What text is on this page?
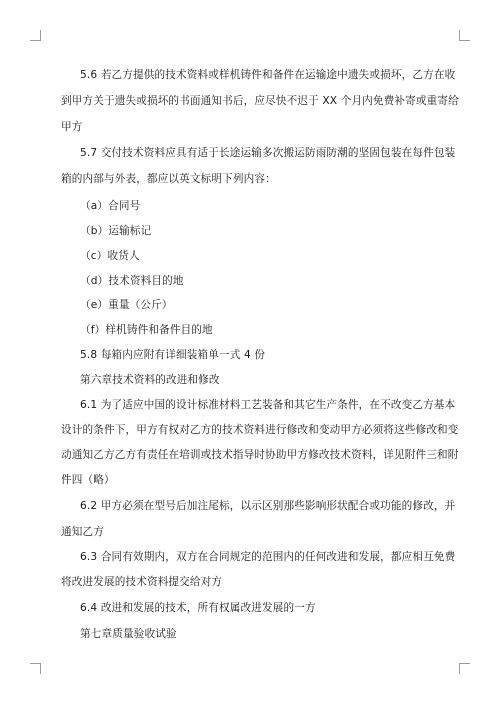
5.6 若乙方提供的技术资料或样机铸件和备件在运输途中遗失或损坏，乙方在收
到甲方关于遗失或损坏的书面通知书后，应尽快不迟于 XX 个月内免费补寄或重寄给
甲方
5.7 交付技术资料应具有适于长途运输多次搬运防雨防潮的坚固包装在每件包装
箱的内部与外表，都应以英文标明下列内容：
（a）合同号
（b）运输标记
（c）收货人
（d）技术资料目的地
（e）重量（公斤）
（f）样机铸件和备件目的地
5.8 每箱内应附有详细装箱单一式 4 份
第六章技术资料的改进和修改
6.1 为了适应中国的设计标准材料工艺装备和其它生产条件，在不改变乙方基本
设计的条件下，甲方有权对乙方的技术资料进行修改和变动甲方必须将这些修改和变
动通知乙方乙方有责任在培训或技术指导时协助甲方修改技术资料，详见附件三和附
件四（略）
6.2 甲方必须在型号后加注尾标，以示区别那些影响形状配合或功能的修改，并
通知乙方
6.3 合同有效期内，双方在合同规定的范围内的任何改进和发展，都应相互免费
将改进发展的技术资料提交给对方
6.4 改进和发展的技术，所有权属改进发展的一方
第七章质量验收试验
